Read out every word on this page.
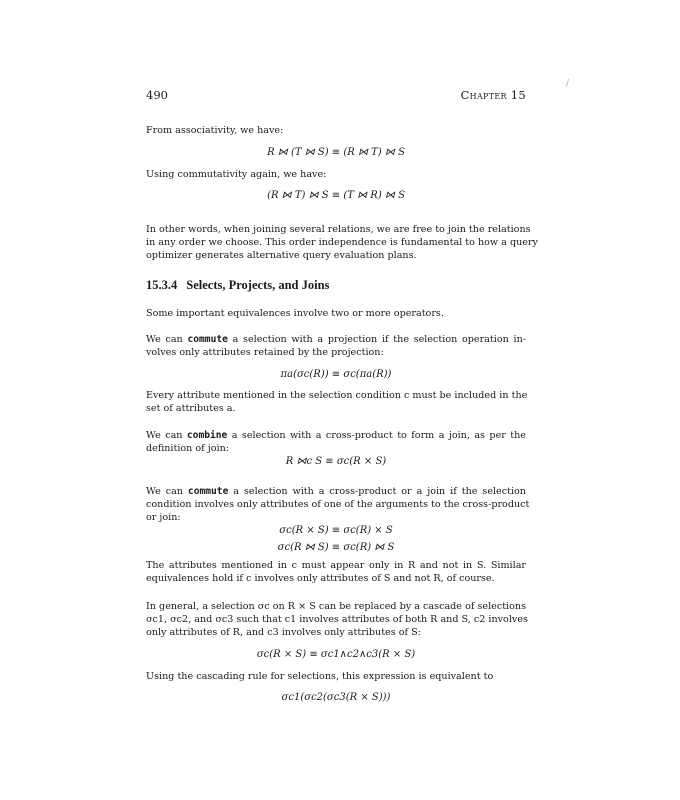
/
490	Chapter 15
From associativity, we have:
R ⋈ (T ⋈ S) ≡ (R ⋈ T) ⋈ S
Using commutativity again, we have:
(R ⋈ T) ⋈ S ≡ (T ⋈ R) ⋈ S
In other words, when joining several relations, we are free to join the relations
in any order we choose. This order independence is fundamental to how a query
optimizer generates alternative query evaluation plans.
15.3.4 Selects, Projects, and Joins
Some important equivalences involve two or more operators.
We can commute a selection with a projection if the selection operation in-
volves only attributes retained by the projection:
πa(σc(R)) ≡ σc(πa(R))
Every attribute mentioned in the selection condition c must be included in the
set of attributes a.
We can combine a selection with a cross-product to form a join, as per the
definition of join:
R ⋈c S ≡ σc(R × S)
We can commute a selection with a cross-product or a join if the selection
condition involves only attributes of one of the arguments to the cross-product
or join:
σc(R × S) ≡ σc(R) × S
σc(R ⋈ S) ≡ σc(R) ⋈ S
The attributes mentioned in c must appear only in R and not in S. Similar
equivalences hold if c involves only attributes of S and not R, of course.
In general, a selection σc on R × S can be replaced by a cascade of selections
σc1, σc2, and σc3 such that c1 involves attributes of both R and S, c2 involves
only attributes of R, and c3 involves only attributes of S:
σc(R × S) ≡ σc1∧c2∧c3(R × S)
Using the cascading rule for selections, this expression is equivalent to
σc1(σc2(σc3(R × S)))
